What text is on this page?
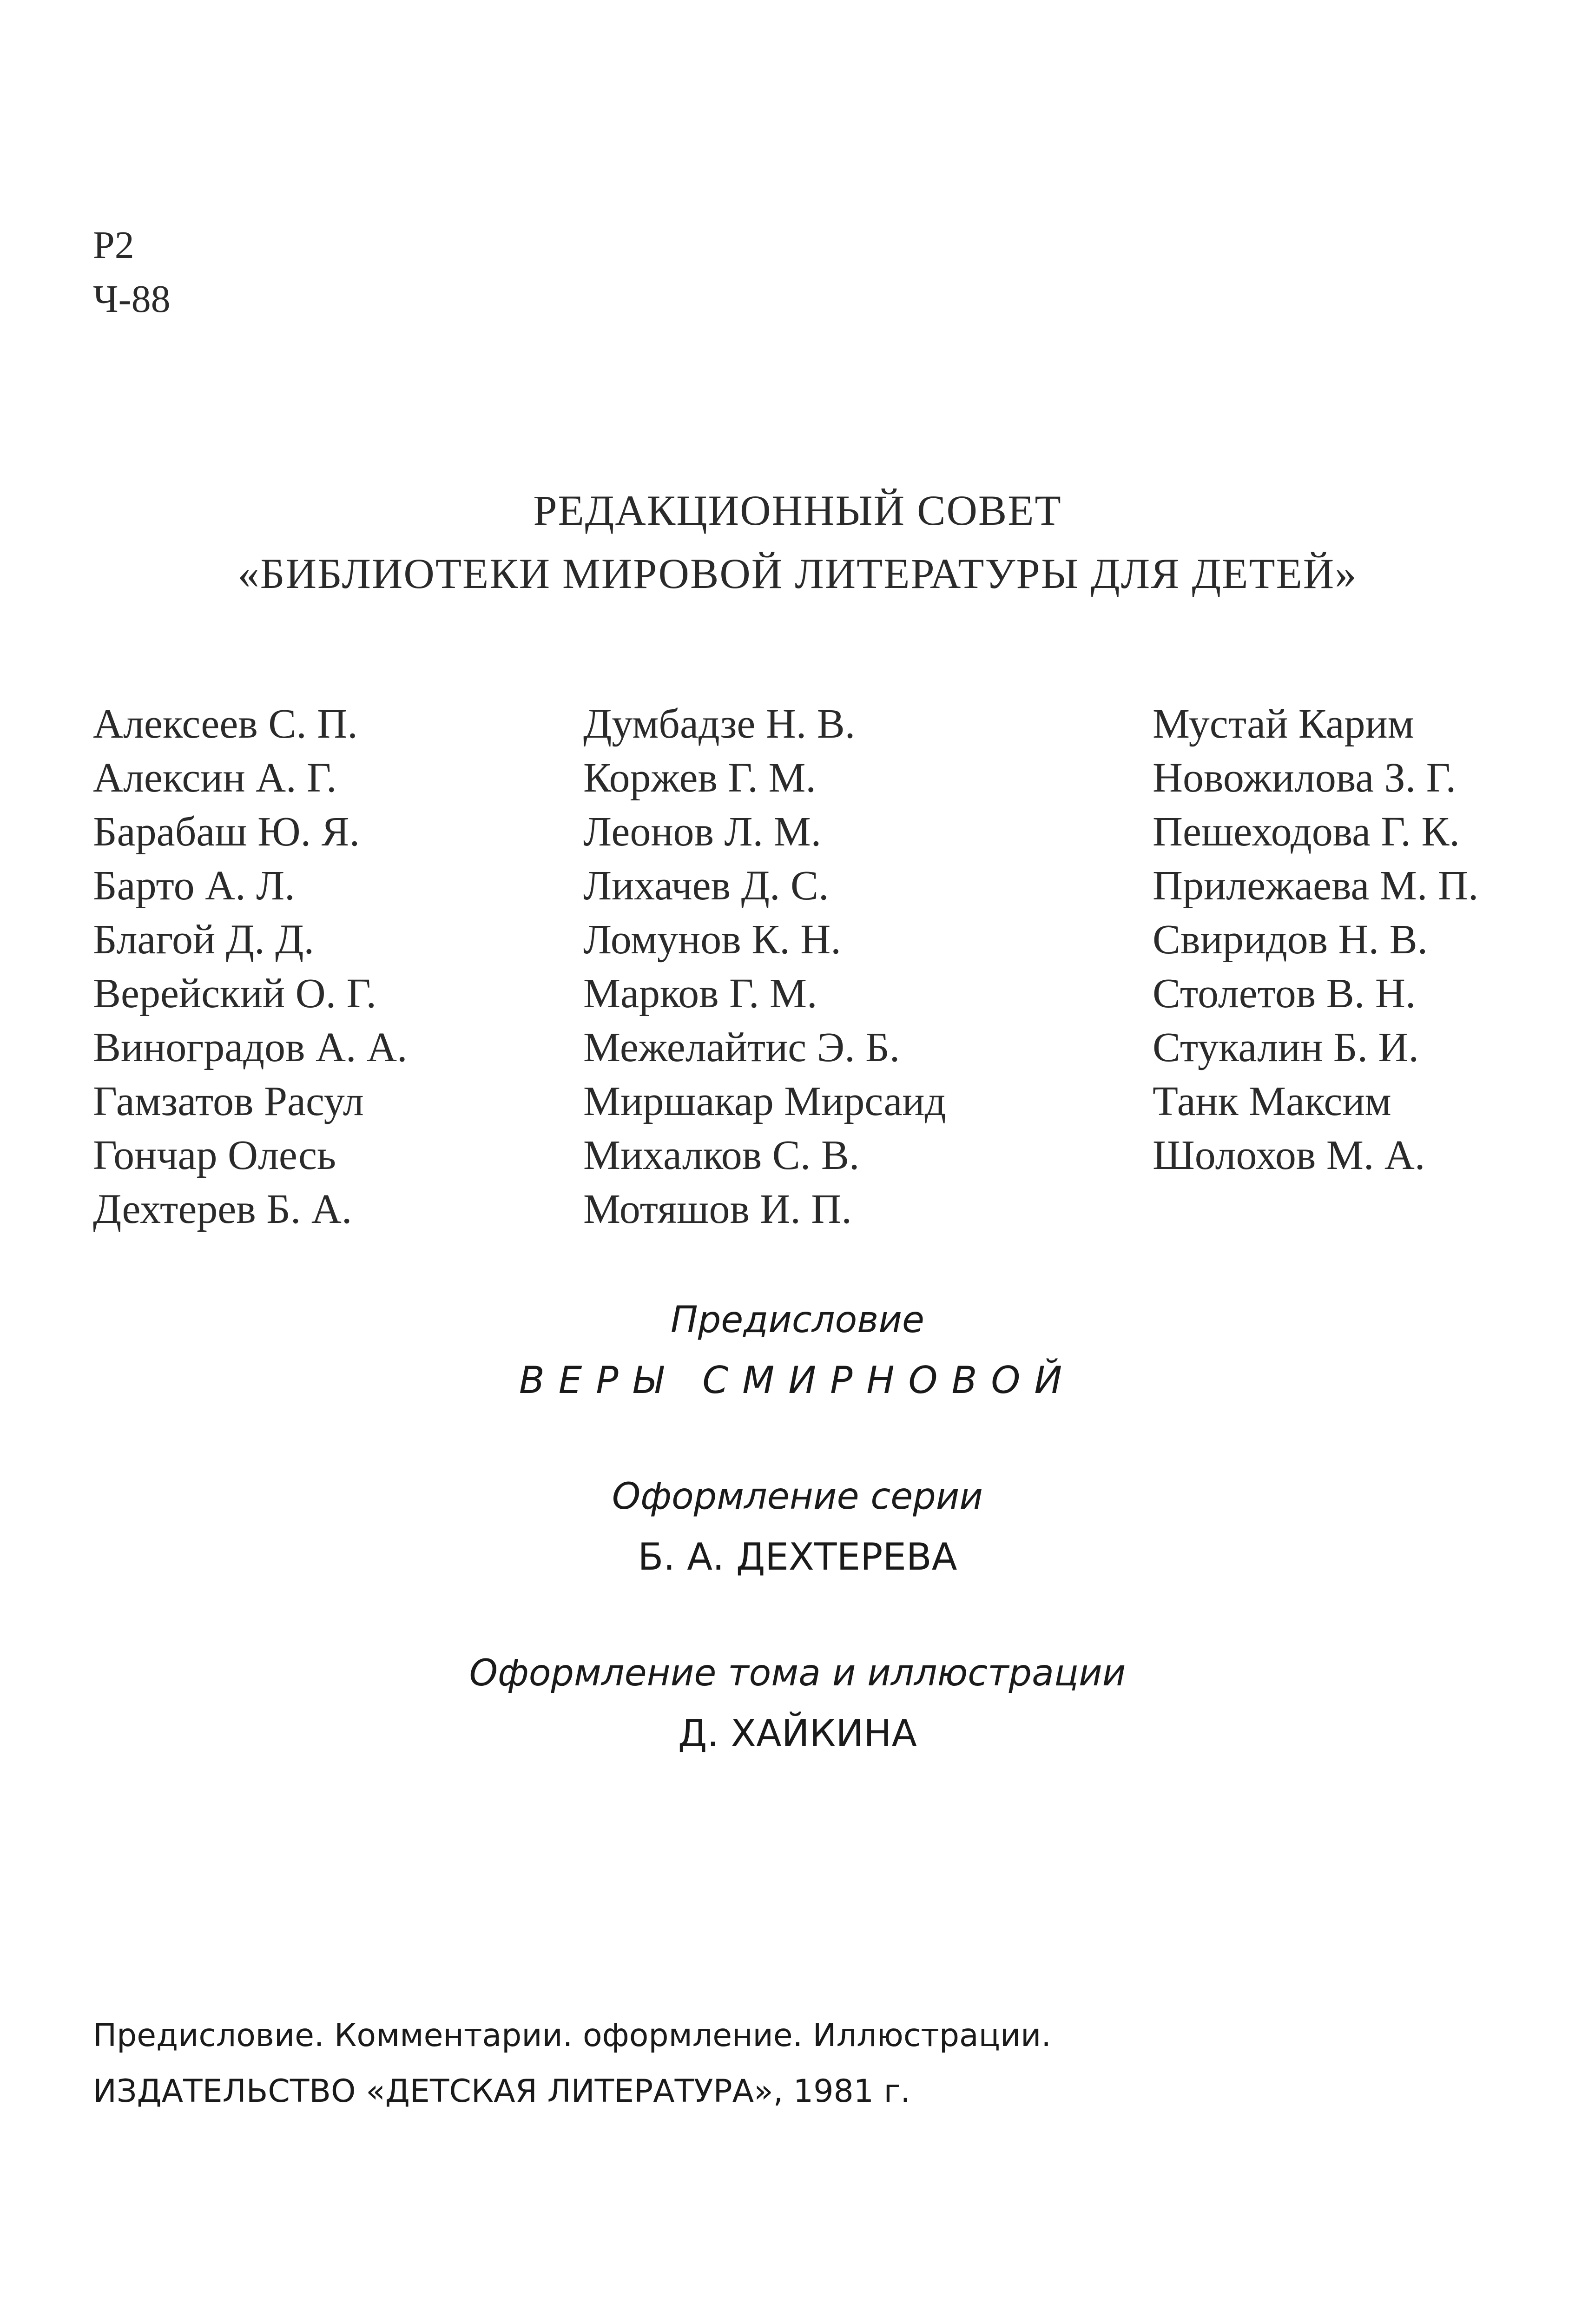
Р2
Ч-88
РЕДАКЦИОННЫЙ СОВЕТ
«БИБЛИОТЕКИ МИРОВОЙ ЛИТЕРАТУРЫ ДЛЯ ДЕТЕЙ»
Алексеев С. П.
Алексин А. Г.
Барабаш Ю. Я.
Барто А. Л.
Благой Д. Д.
Верейский О. Г.
Виноградов А. А.
Гамзатов Расул
Гончар Олесь
Дехтерев Б. А.
Думбадзе Н. В.
Коржев Г. М.
Леонов Л. М.
Лихачев Д. С.
Ломунов К. Н.
Марков Г. М.
Межелайтис Э. Б.
Миршакар Мирсаид
Михалков С. В.
Мотяшов И. П.
Мустай Карим
Новожилова З. Г.
Пешеходова Г. К.
Прилежаева М. П.
Свиридов Н. В.
Столетов В. Н.
Стукалин Б. И.
Танк Максим
Шолохов М. А.
Предисловие
ВЕРЫ СМИРНОВОЙ
Оформление серии
Б. А. ДЕХТЕРЕВА
Оформление тома и иллюстрации
Д. ХАЙКИНА
Предисловие. Комментарии. оформление. Иллюстрации.
ИЗДАТЕЛЬСТВО «ДЕТСКАЯ ЛИТЕРАТУРА», 1981 г.
